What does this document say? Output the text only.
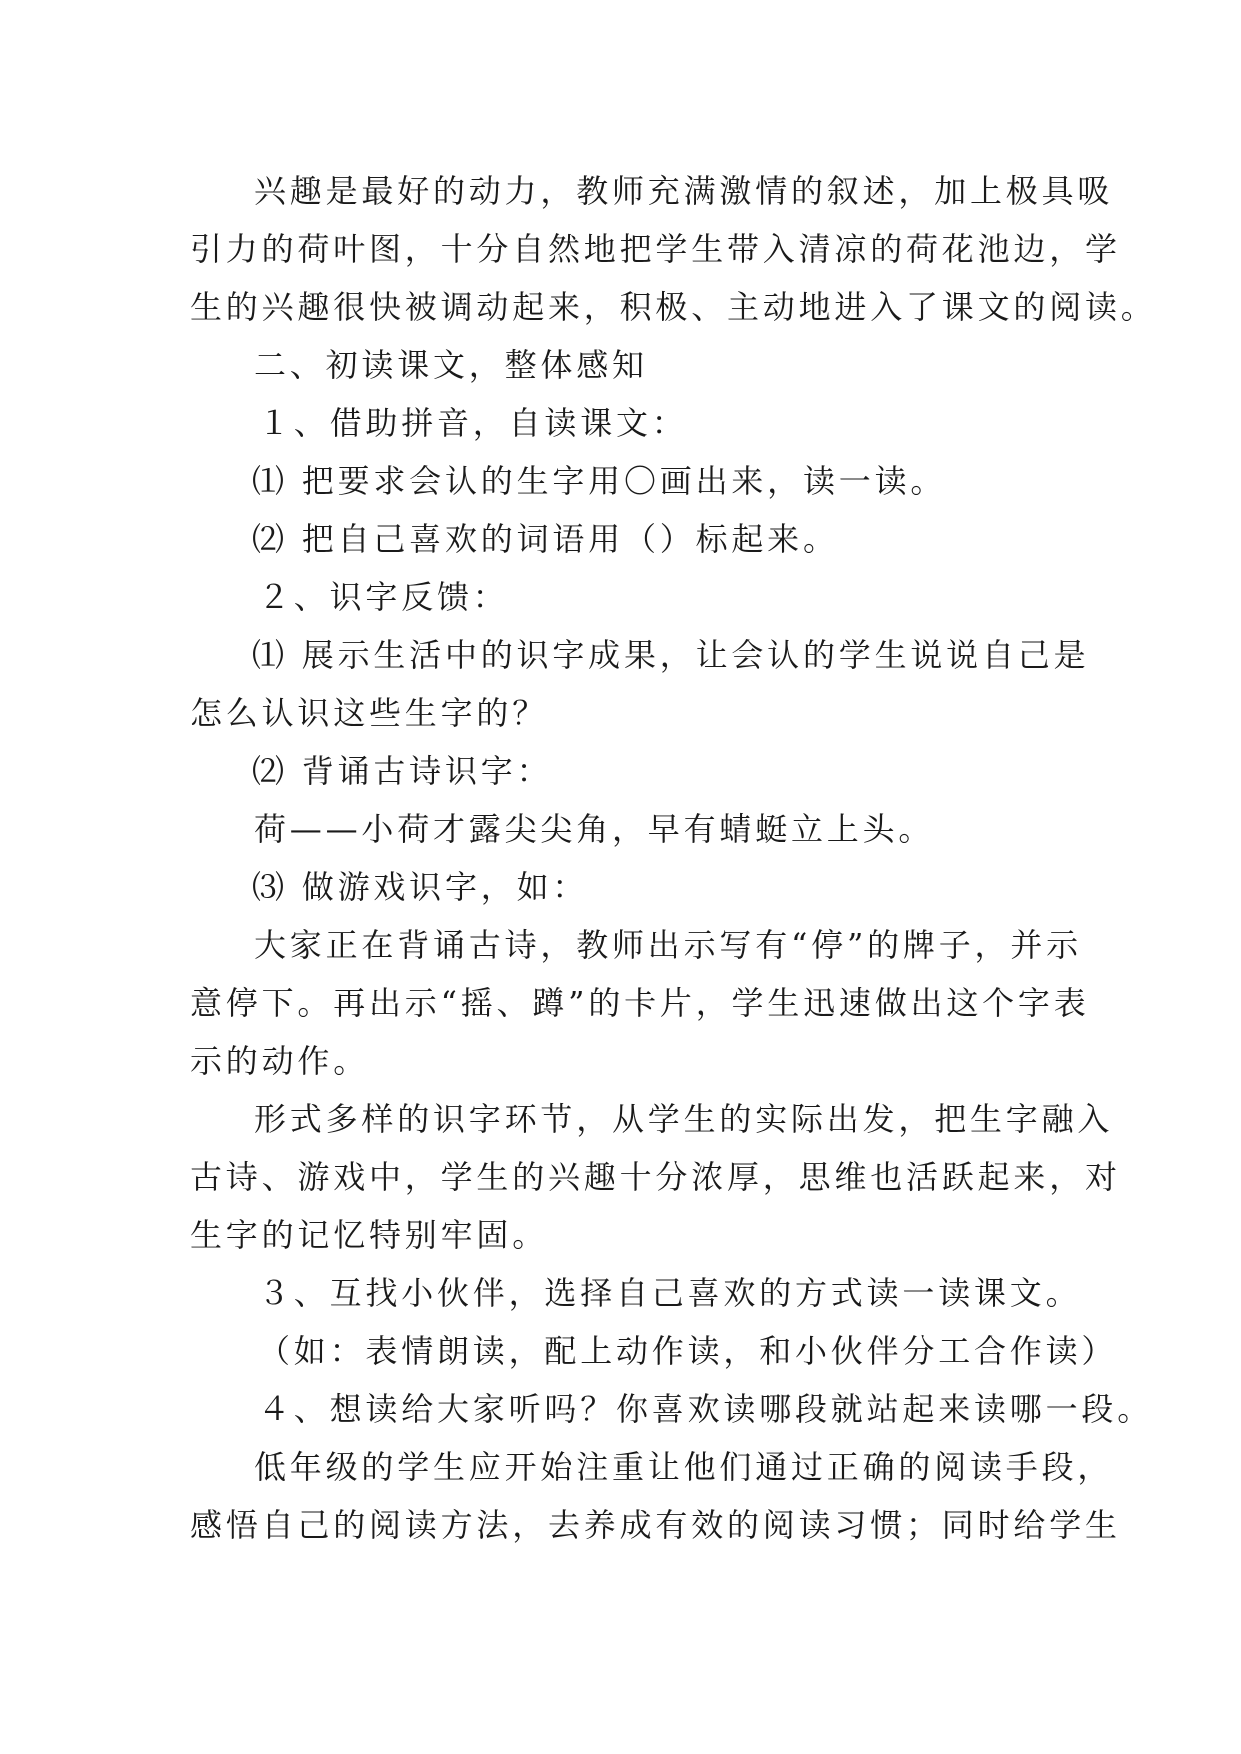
兴趣是最好的动力，教师充满激情的叙述，加上极具吸
引力的荷叶图，十分自然地把学生带入清凉的荷花池边，学
生的兴趣很快被调动起来，积极、主动地进入了课文的阅读。
二、初读课文，整体感知
１、借助拼音，自读课文：
⑴ 把要求会认的生字用〇画出来，读一读。
⑵ 把自己喜欢的词语用（）标起来。
２、识字反馈：
⑴ 展示生活中的识字成果，让会认的学生说说自己是
怎么认识这些生字的？
⑵ 背诵古诗识字：
荷——小荷才露尖尖角，早有蜻蜓立上头。
⑶ 做游戏识字，如：
大家正在背诵古诗，教师出示写有“停”的牌子，并示
意停下。再出示“摇、蹲”的卡片，学生迅速做出这个字表
示的动作。
形式多样的识字环节，从学生的实际出发，把生字融入
古诗、游戏中，学生的兴趣十分浓厚，思维也活跃起来，对
生字的记忆特别牢固。
３、互找小伙伴，选择自己喜欢的方式读一读课文。
（如：表情朗读，配上动作读，和小伙伴分工合作读）
４、想读给大家听吗？你喜欢读哪段就站起来读哪一段。
低年级的学生应开始注重让他们通过正确的阅读手段，
感悟自己的阅读方法，去养成有效的阅读习惯；同时给学生
